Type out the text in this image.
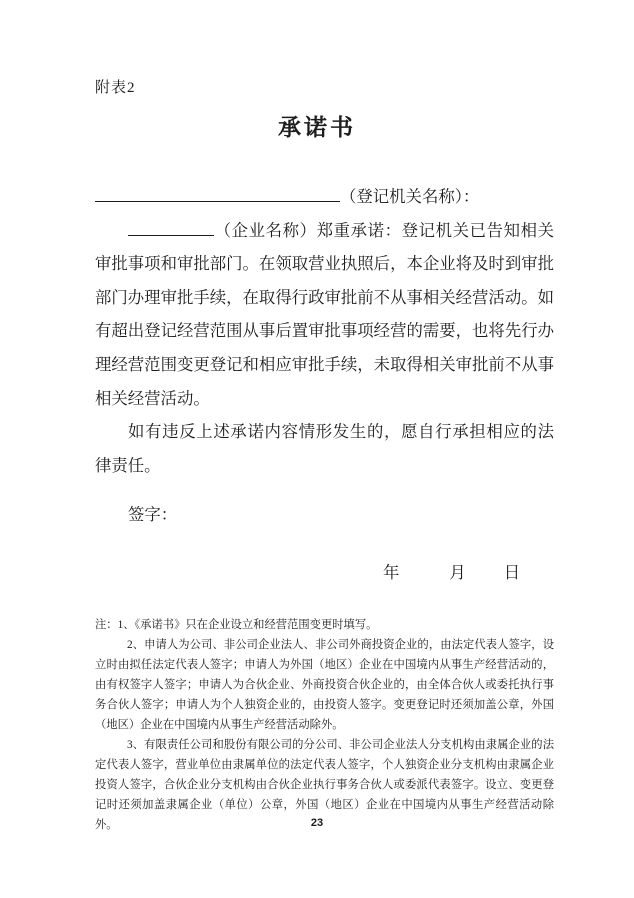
附表2
承诺书

（登记机关名称）：

（企业名称）郑重承诺：登记机关已告知相关审批事项和审批部门。在领取营业执照后，本企业将及时到审批部门办理审批手续，在取得行政审批前不从事相关经营活动。如有超出登记经营范围从事后置审批事项经营的需要，也将先行办理经营范围变更登记和相应审批手续，未取得相关审批前不从事相关经营活动。

如有违反上述承诺内容情形发生的，愿自行承担相应的法律责任。

签字：
年	月 日

注：1、《承诺书》只在企业设立和经营范围变更时填写。

2、申请人为公司、非公司企业法人、非公司外商投资企业的，由法定代表人签字，设立时由拟任法定代表人签字；申请人为外国（地区）企业在中国境内从事生产经营活动的，由有权签字人签字；申请人为合伙企业、外商投资合伙企业的，由全体合伙人或委托执行事务合伙人签字；申请人为个人独资企业的，由投资人签字。变更登记时还须加盖公章，外国（地区）企业在中国境内从事生产经营活动除外。

3、有限责任公司和股份有限公司的分公司、非公司企业法人分支机构由隶属企业的法定代表人签字，营业单位由隶属单位的法定代表人签字，个人独资企业分支机构由隶属企业投资人签字，合伙企业分支机构由合伙企业执行事务合伙人或委派代表签字。设立、变更登记时还须加盖隶属企业（单位）公章，外国（地区）企业在中国境内从事生产经营活动除外。	23
